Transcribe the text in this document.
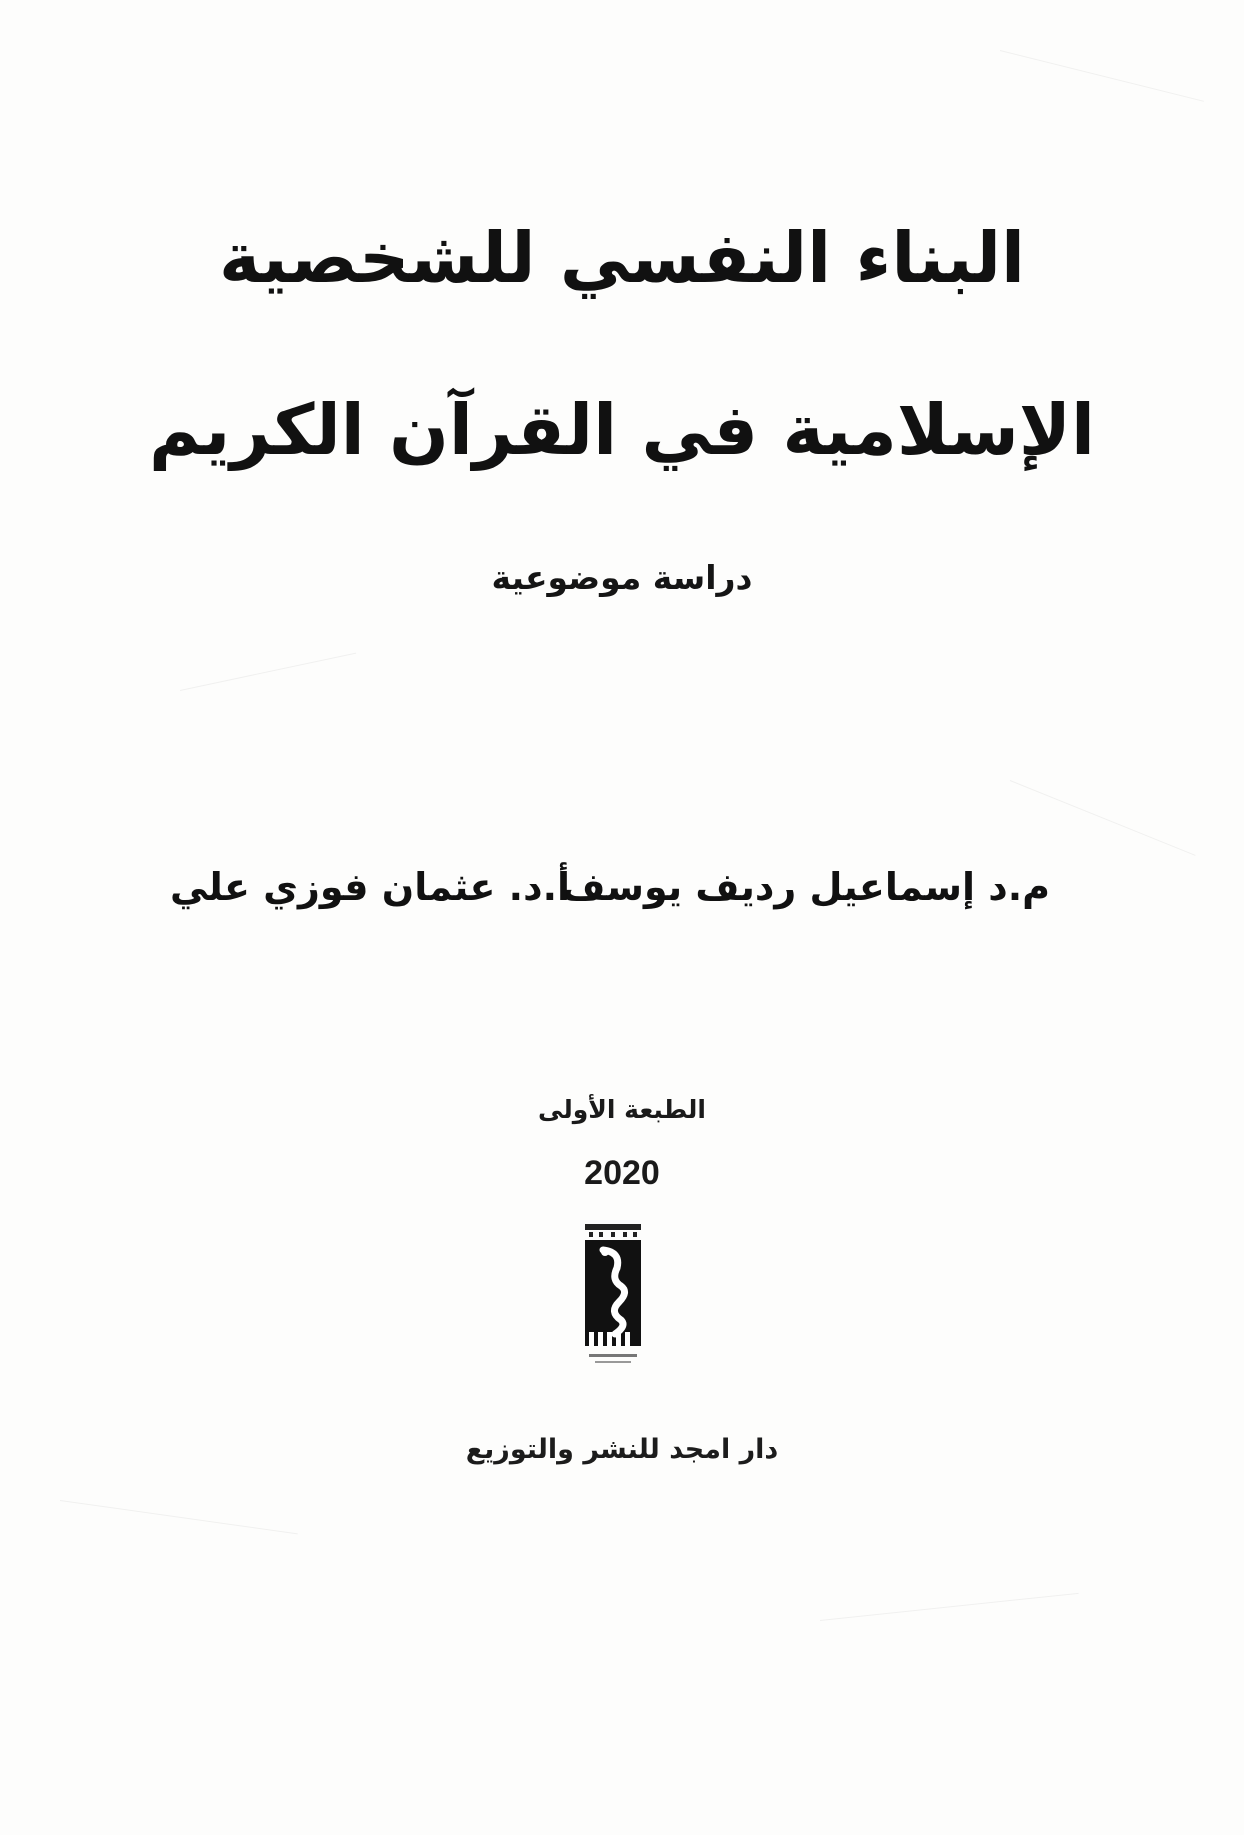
البناء النفسي للشخصية
الإسلامية في القرآن الكريم
دراسة موضوعية
م.د إسماعيل رديف يوسف
أ.د. عثمان فوزي علي
الطبعة الأولى
2020
دار امجد للنشر والتوزيع
